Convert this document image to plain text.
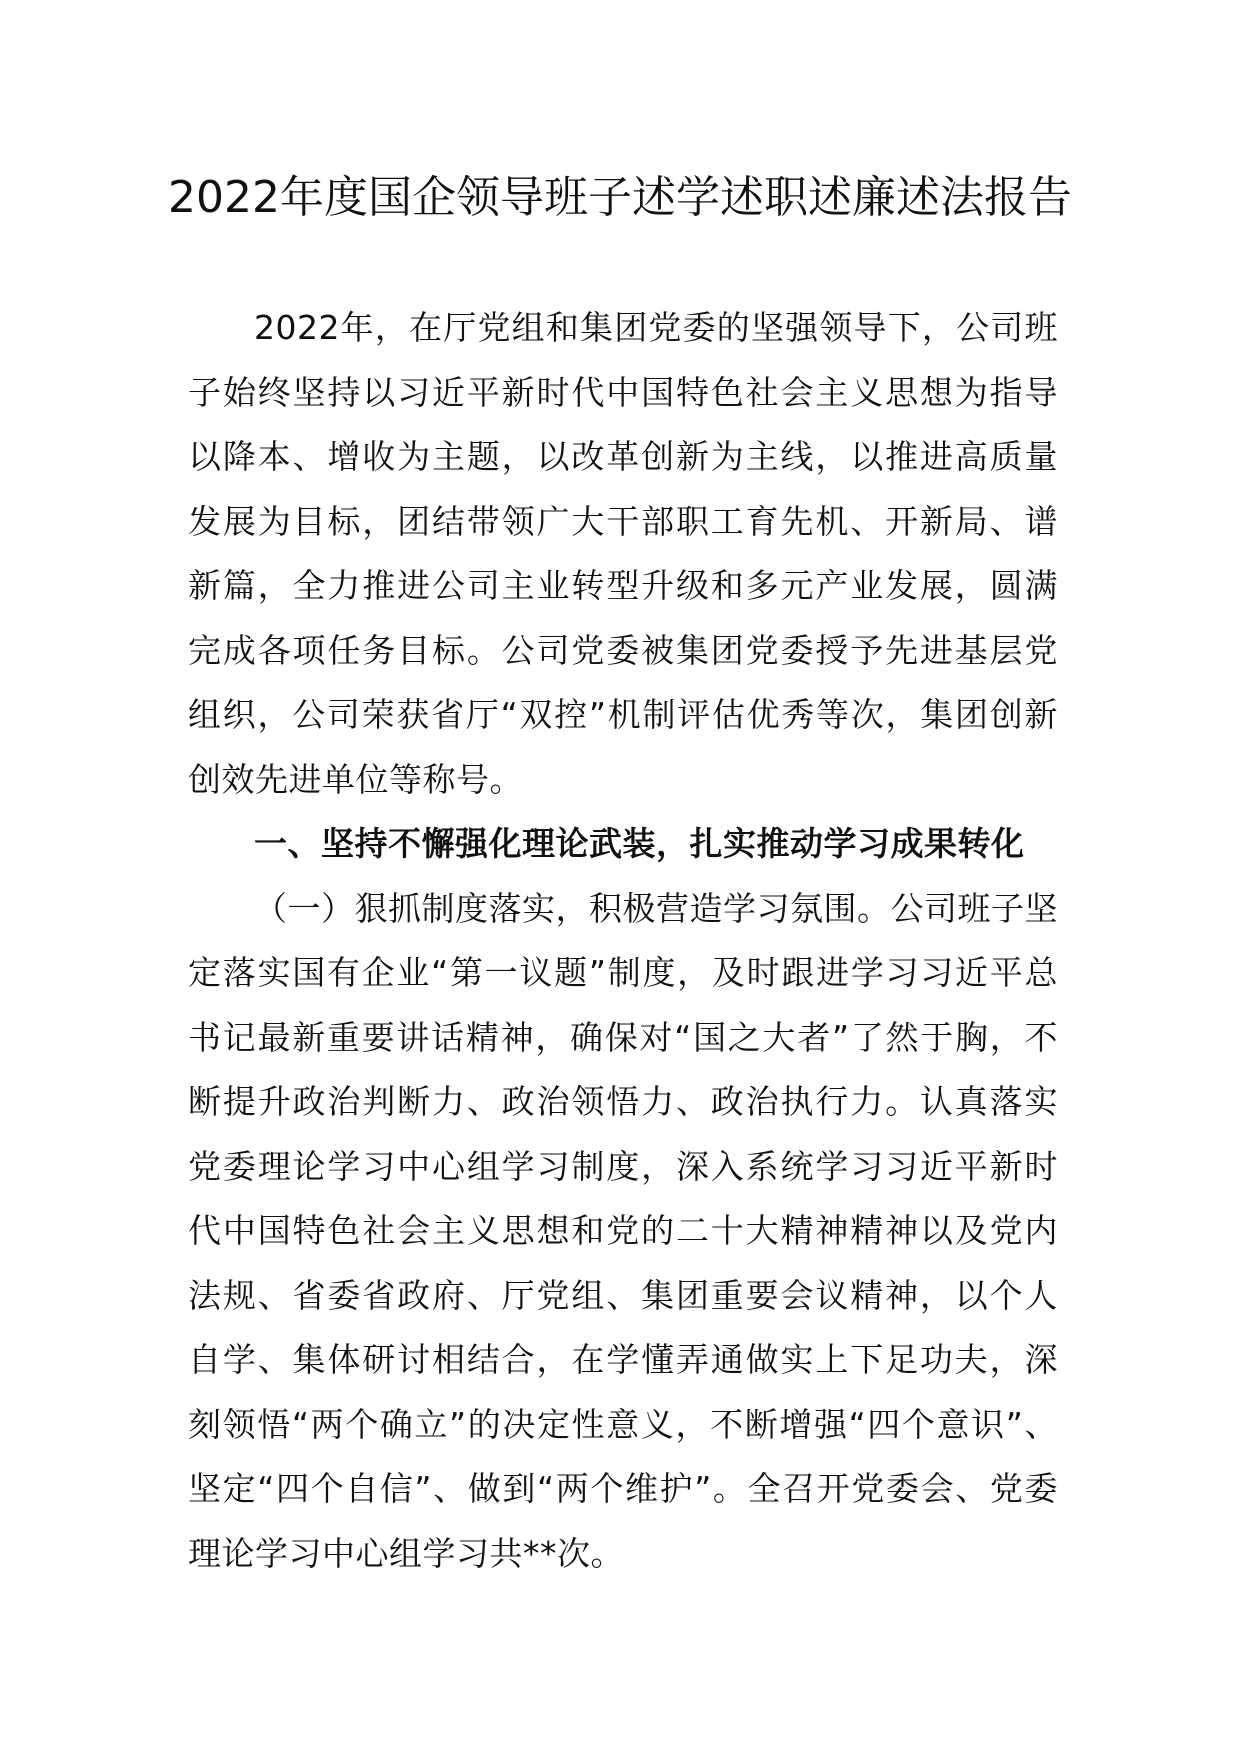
2022年度国企领导班子述学述职述廉述法报告

2022年，在厅党组和集团党委的坚强领导下，公司班子始终坚持以习近平新时代中国特色社会主义思想为指导以降本、增收为主题，以改革创新为主线，以推进高质量发展为目标，团结带领广大干部职工育先机、开新局、谱新篇，全力推进公司主业转型升级和多元产业发展，圆满完成各项任务目标。公司党委被集团党委授予先进基层党组织，公司荣获省厅“双控”机制评估优秀等次，集团创新创效先进单位等称号。

一、坚持不懈强化理论武装，扎实推动学习成果转化

（一）狠抓制度落实，积极营造学习氛围。公司班子坚定落实国有企业“第一议题”制度，及时跟进学习习近平总书记最新重要讲话精神，确保对“国之大者”了然于胸，不断提升政治判断力、政治领悟力、政治执行力。认真落实党委理论学习中心组学习制度，深入系统学习习近平新时代中国特色社会主义思想和党的二十大精神精神以及党内法规、省委省政府、厅党组、集团重要会议精神，以个人自学、集体研讨相结合，在学懂弄通做实上下足功夫，深刻领悟“两个确立”的决定性意义，不断增强“四个意识”、坚定“四个自信”、做到“两个维护”。全召开党委会、党委理论学习中心组学习共**次。
